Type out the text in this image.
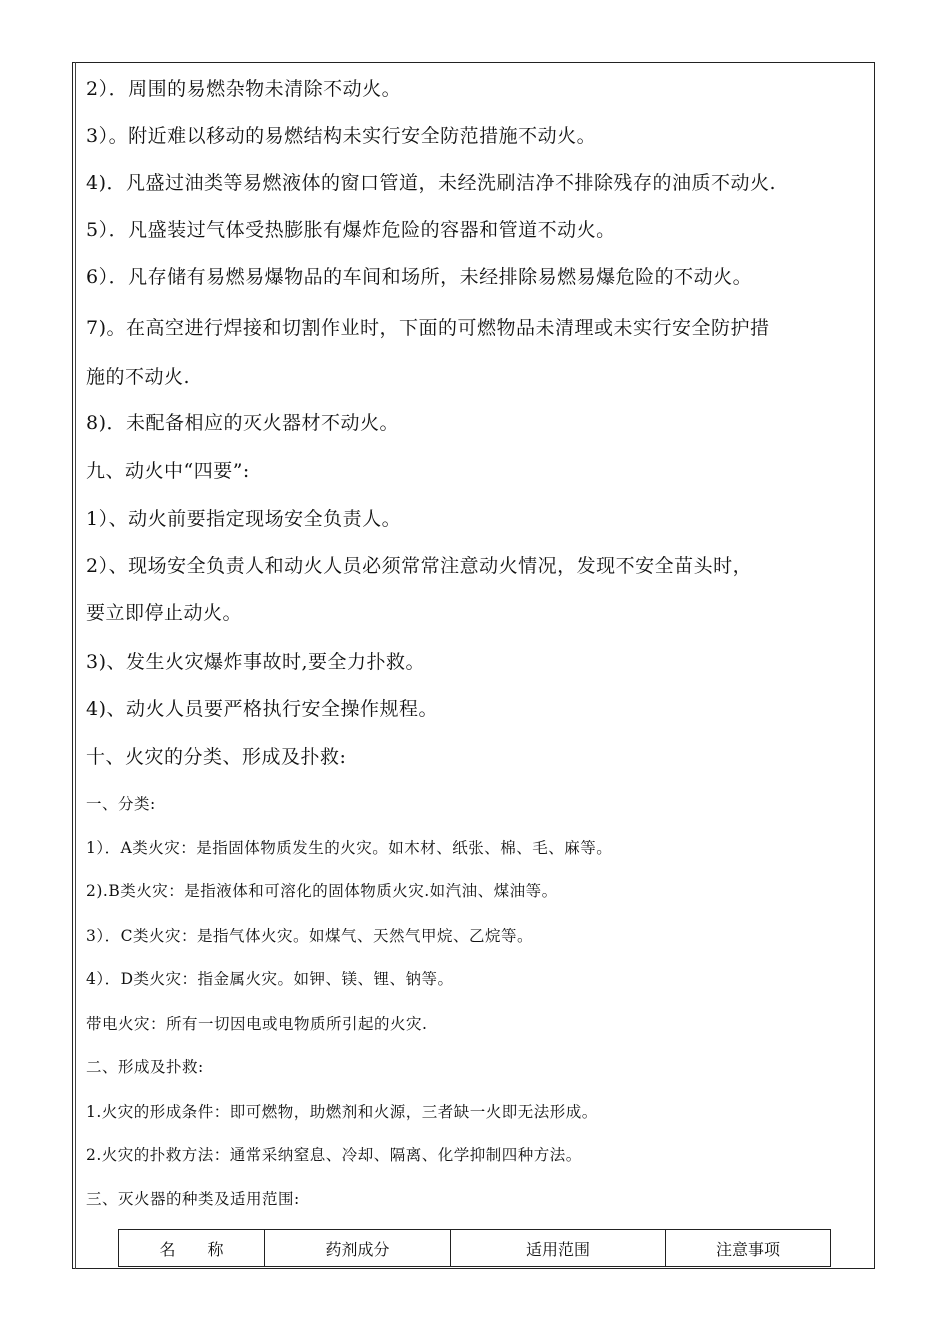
2）．周围的易燃杂物未清除不动火。
3）。附近难以移动的易燃结构未实行安全防范措施不动火。
4)．凡盛过油类等易燃液体的窗口管道，未经洗刷洁净不排除残存的油质不动火.
5）．凡盛装过气体受热膨胀有爆炸危险的容器和管道不动火。
6）．凡存储有易燃易爆物品的车间和场所，未经排除易燃易爆危险的不动火。
7)。在高空进行焊接和切割作业时，下面的可燃物品未清理或未实行安全防护措
施的不动火.
8)．未配备相应的灭火器材不动火。
九、动火中“四要”:
1）、动火前要指定现场安全负责人。
2）、现场安全负责人和动火人员必须常常注意动火情况，发现不安全苗头时，
要立即停止动火。
3)、发生火灾爆炸事故时,要全力扑救。
4)、动火人员要严格执行安全操作规程。
十、火灾的分类、形成及扑救:
一、分类:
1）．A类火灾：是指固体物质发生的火灾。如木材、纸张、棉、毛、麻等。
2).B类火灾：是指液体和可溶化的固体物质火灾.如汽油、煤油等。
3）．C类火灾：是指气体火灾。如煤气、天然气甲烷、乙烷等。
4）．D类火灾：指金属火灾。如钾、镁、锂、钠等。
带电火灾：所有一切因电或电物质所引起的火灾.
二、形成及扑救:
1.火灾的形成条件：即可燃物，助燃剂和火源，三者缺一火即无法形成。
2.火灾的扑救方法：通常采纳窒息、冷却、隔离、化学抑制四种方法。
三、灭火器的种类及适用范围:
名　　称	药剂成分	适用范围	注意事项
